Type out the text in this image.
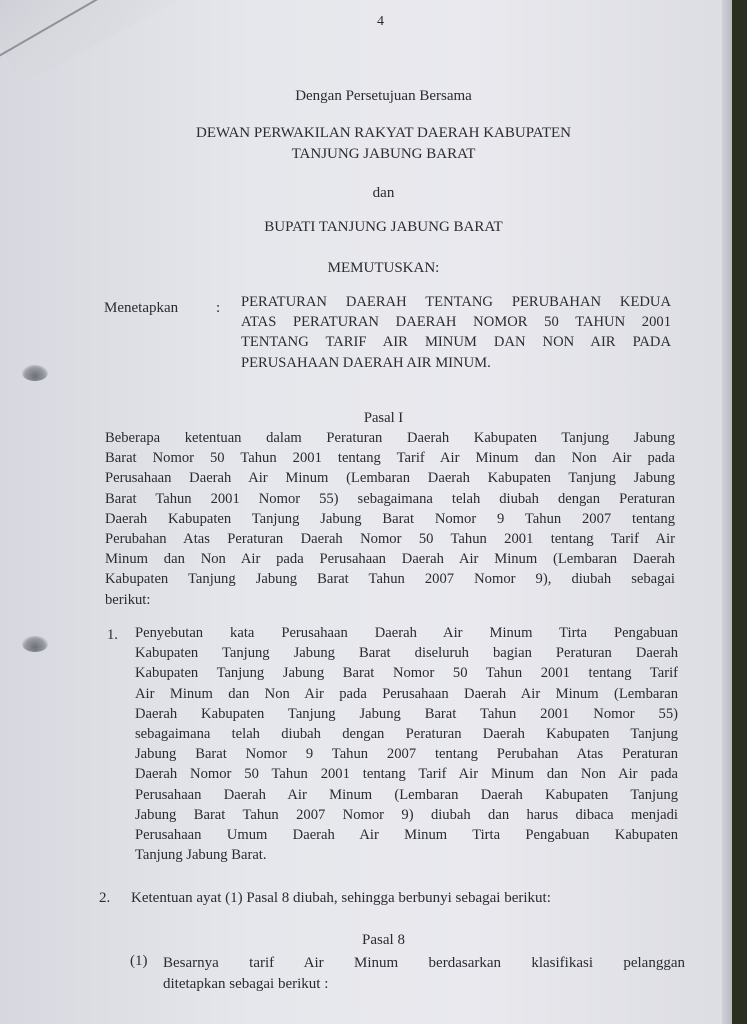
4
Dengan Persetujuan Bersama
DEWAN PERWAKILAN RAKYAT DAERAH KABUPATEN
TANJUNG JABUNG BARAT
dan
BUPATI TANJUNG JABUNG BARAT
MEMUTUSKAN:
Menetapkan	: PERATURAN DAERAH TENTANG PERUBAHAN KEDUA
ATAS PERATURAN DAERAH NOMOR 50 TAHUN 2001
TENTANG TARIF AIR MINUM DAN NON AIR PADA
PERUSAHAAN DAERAH AIR MINUM.
Pasal I
Beberapa ketentuan dalam Peraturan Daerah Kabupaten Tanjung Jabung
Barat Nomor 50 Tahun 2001 tentang Tarif Air Minum dan Non Air pada
Perusahaan Daerah Air Minum (Lembaran Daerah Kabupaten Tanjung Jabung
Barat Tahun 2001 Nomor 55) sebagaimana telah diubah dengan Peraturan
Daerah Kabupaten Tanjung Jabung Barat Nomor 9 Tahun 2007 tentang
Perubahan Atas Peraturan Daerah Nomor 50 Tahun 2001 tentang Tarif Air
Minum dan Non Air pada Perusahaan Daerah Air Minum (Lembaran Daerah
Kabupaten Tanjung Jabung Barat Tahun 2007 Nomor 9), diubah sebagai
berikut:
1. Penyebutan kata Perusahaan Daerah Air Minum Tirta Pengabuan
Kabupaten Tanjung Jabung Barat diseluruh bagian Peraturan Daerah
Kabupaten Tanjung Jabung Barat Nomor 50 Tahun 2001 tentang Tarif
Air Minum dan Non Air pada Perusahaan Daerah Air Minum (Lembaran
Daerah Kabupaten Tanjung Jabung Barat Tahun 2001 Nomor 55)
sebagaimana telah diubah dengan Peraturan Daerah Kabupaten Tanjung
Jabung Barat Nomor 9 Tahun 2007 tentang Perubahan Atas Peraturan
Daerah Nomor 50 Tahun 2001 tentang Tarif Air Minum dan Non Air pada
Perusahaan Daerah Air Minum (Lembaran Daerah Kabupaten Tanjung
Jabung Barat Tahun 2007 Nomor 9) diubah dan harus dibaca menjadi
Perusahaan Umum Daerah Air Minum Tirta Pengabuan Kabupaten
Tanjung Jabung Barat.
2. Ketentuan ayat (1) Pasal 8 diubah, sehingga berbunyi sebagai berikut:
Pasal 8
(1) Besarnya tarif Air Minum berdasarkan klasifikasi pelanggan
ditetapkan sebagai berikut :
